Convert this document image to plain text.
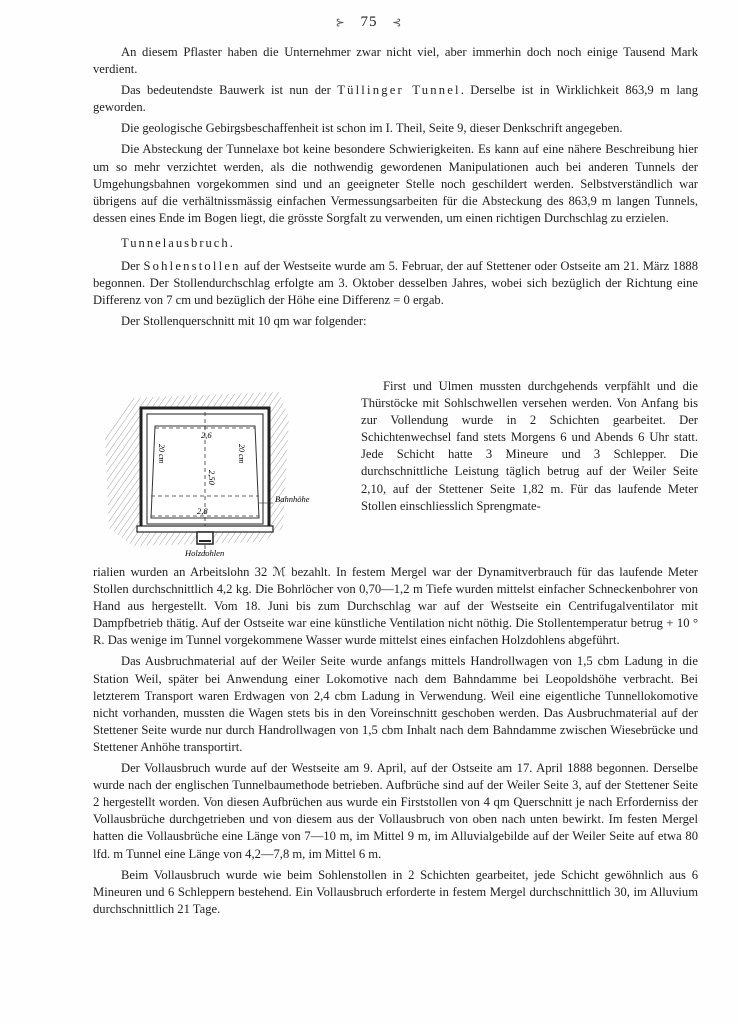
⊱ 75 ⊰

An diesem Pflaster haben die Unternehmer zwar nicht viel, aber immerhin doch noch einige Tausend Mark verdient.

Das bedeutendste Bauwerk ist nun der Tüllinger Tunnel. Derselbe ist in Wirklichkeit 863,9 m lang geworden.

Die geologische Gebirgsbeschaffenheit ist schon im I. Theil, Seite 9, dieser Denkschrift angegeben.

Die Absteckung der Tunnelaxe bot keine besondere Schwierigkeiten. Es kann auf eine nähere Beschreibung hier um so mehr verzichtet werden, als die nothwendig gewordenen Manipulationen auch bei anderen Tunnels der Umgehungsbahnen vorgekommen sind und an geeigneter Stelle noch geschildert werden. Selbstverständlich war übrigens auf die verhältnissmässig einfachen Vermessungsarbeiten für die Absteckung des 863,9 m langen Tunnels, dessen eines Ende im Bogen liegt, die grösste Sorgfalt zu verwenden, um einen richtigen Durchschlag zu erzielen.

Tunnelausbruch.

Der Sohlenstollen auf der Westseite wurde am 5. Februar, der auf Stettener oder Ostseite am 21. März 1888 begonnen. Der Stollendurchschlag erfolgte am 3. Oktober desselben Jahres, wobei sich bezüglich der Richtung eine Differenz von 7 cm und bezüglich der Höhe eine Differenz = 0 ergab.

Der Stollenquerschnitt mit 10 qm war folgender:

2,6
2,50
20 cm	20 cm
2,8
Bahnhöhe
Holzdohlen

First und Ulmen mussten durchgehends verpfählt und die Thürstöcke mit Sohlschwellen versehen werden. Von Anfang bis zur Vollendung wurde in 2 Schichten gearbeitet. Der Schichtenwechsel fand stets Morgens 6 und Abends 6 Uhr statt. Jede Schicht hatte 3 Mineure und 3 Schlepper. Die durchschnittliche Leistung täglich betrug auf der Weiler Seite 2,10, auf der Stettener Seite 1,82 m. Für das laufende Meter Stollen einschliesslich Sprengmate-

rialien wurden an Arbeitslohn 32 ℳ bezahlt. In festem Mergel war der Dynamitverbrauch für das laufende Meter Stollen durchschnittlich 4,2 kg. Die Bohrlöcher von 0,70—1,2 m Tiefe wurden mittelst einfacher Schneckenbohrer von Hand aus hergestellt. Vom 18. Juni bis zum Durchschlag war auf der Westseite ein Centrifugalventilator mit Dampfbetrieb thätig. Auf der Ostseite war eine künstliche Ventilation nicht nöthig. Die Stollentemperatur betrug + 10 ° R. Das wenige im Tunnel vorgekommene Wasser wurde mittelst eines einfachen Holzdohlens abgeführt.

Das Ausbruchmaterial auf der Weiler Seite wurde anfangs mittels Handrollwagen von 1,5 cbm Ladung in die Station Weil, später bei Anwendung einer Lokomotive nach dem Bahndamme bei Leopoldshöhe verbracht. Bei letzterem Transport waren Erdwagen von 2,4 cbm Ladung in Verwendung. Weil eine eigentliche Tunnellokomotive nicht vorhanden, mussten die Wagen stets bis in den Voreinschnitt geschoben werden. Das Ausbruchmaterial auf der Stettener Seite wurde nur durch Handrollwagen von 1,5 cbm Inhalt nach dem Bahndamme zwischen Wiesebrücke und Stettener Anhöhe transportirt.

Der Vollausbruch wurde auf der Westseite am 9. April, auf der Ostseite am 17. April 1888 begonnen. Derselbe wurde nach der englischen Tunnelbaumethode betrieben. Aufbrüche sind auf der Weiler Seite 3, auf der Stettener Seite 2 hergestellt worden. Von diesen Aufbrüchen aus wurde ein Firststollen von 4 qm Querschnitt je nach Erforderniss der Vollausbrüche durchgetrieben und von diesem aus der Vollausbruch von oben nach unten bewirkt. Im festen Mergel hatten die Vollausbrüche eine Länge von 7—10 m, im Mittel 9 m, im Alluvialgebilde auf der Weiler Seite auf etwa 80 lfd. m Tunnel eine Länge von 4,2—7,8 m, im Mittel 6 m.

Beim Vollausbruch wurde wie beim Sohlenstollen in 2 Schichten gearbeitet, jede Schicht gewöhnlich aus 6 Mineuren und 6 Schleppern bestehend. Ein Vollausbruch erforderte in festem Mergel durchschnittlich 30, im Alluvium durchschnittlich 21 Tage.
